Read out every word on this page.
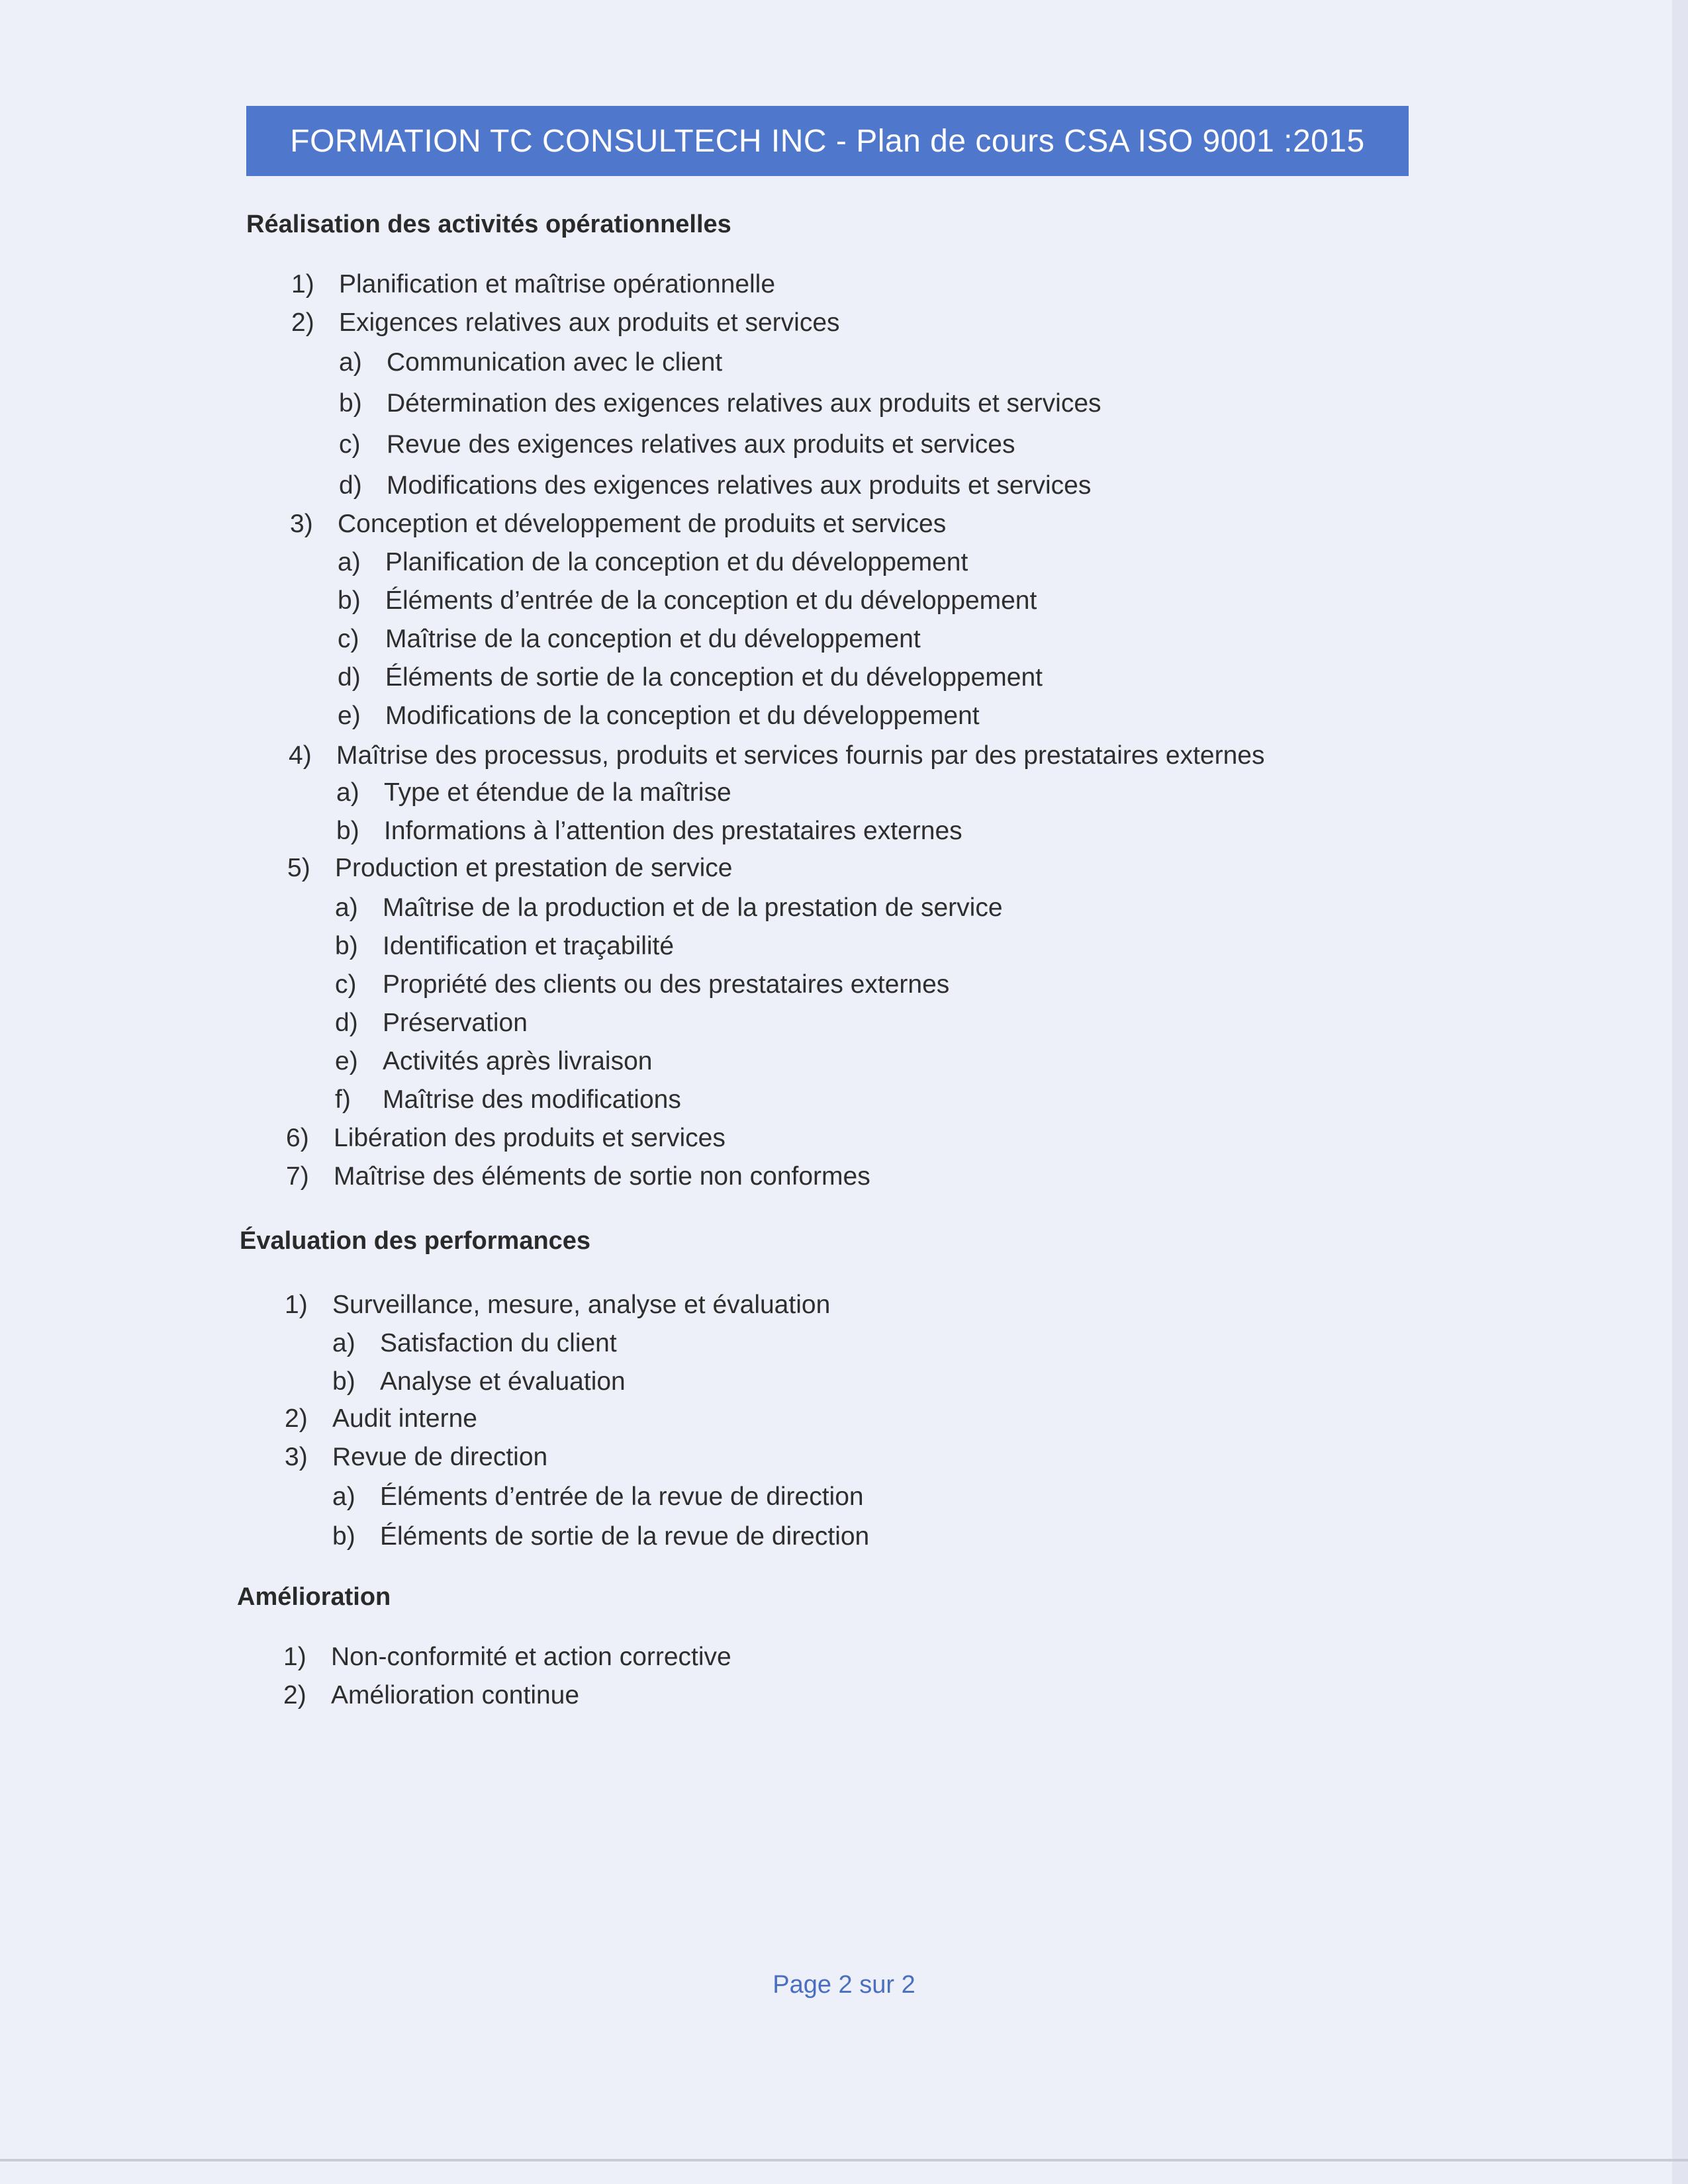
FORMATION TC CONSULTECH INC - Plan de cours CSA ISO 9001 :2015
Réalisation des activités opérationnelles
1) Planification et maîtrise opérationnelle
2) Exigences relatives aux produits et services
a) Communication avec le client
b) Détermination des exigences relatives aux produits et services
c)	Revue des exigences relatives aux produits et services
d) Modifications des exigences relatives aux produits et services
3) Conception et développement de produits et services
a) Planification de la conception et du développement
b) Éléments d’entrée de la conception et du développement
c)	Maîtrise de la conception et du développement
d) Éléments de sortie de la conception et du développement
e) Modifications de la conception et du développement
4) Maîtrise des processus, produits et services fournis par des prestataires externes
a) Type et étendue de la maîtrise
b) Informations à l’attention des prestataires externes
5) Production et prestation de service
a) Maîtrise de la production et de la prestation de service
b) Identification et traçabilité
c)	Propriété des clients ou des prestataires externes
d) Préservation
e) Activités après livraison
f)	Maîtrise des modifications
6) Libération des produits et services
7) Maîtrise des éléments de sortie non conformes
Évaluation des performances
1) Surveillance, mesure, analyse et évaluation
a) Satisfaction du client
b) Analyse et évaluation
2) Audit interne
3) Revue de direction
a) Éléments d’entrée de la revue de direction
b) Éléments de sortie de la revue de direction
Amélioration
1) Non-conformité et action corrective
2) Amélioration continue
Page 2 sur 2
